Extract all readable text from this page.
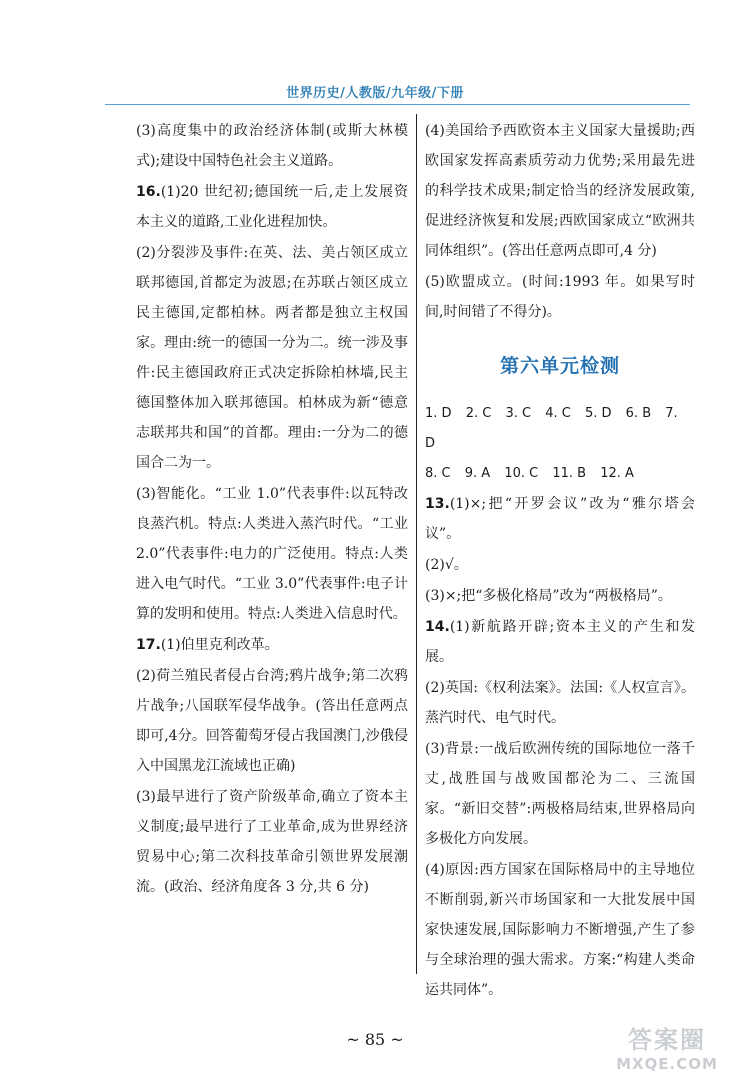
世界历史/人教版/九年级/下册

(3)高度集中的政治经济体制(或斯大林模式);建设中国特色社会主义道路。

16.(1)20 世纪初;德国统一后,走上发展资本主义的道路,工业化进程加快。

(2)分裂涉及事件:在英、法、美占领区成立联邦德国,首都定为波恩;在苏联占领区成立民主德国,定都柏林。两者都是独立主权国家。理由:统一的德国一分为二。统一涉及事件:民主德国政府正式决定拆除柏林墙,民主德国整体加入联邦德国。柏林成为新“德意志联邦共和国”的首都。理由:一分为二的德国合二为一。

(3)智能化。“工业 1.0”代表事件:以瓦特改良蒸汽机。特点:人类进入蒸汽时代。“工业 2.0”代表事件:电力的广泛使用。特点:人类进入电气时代。“工业 3.0”代表事件:电子计算的发明和使用。特点:人类进入信息时代。

17.(1)伯里克利改革。

(2)荷兰殖民者侵占台湾;鸦片战争;第二次鸦片战争;八国联军侵华战争。(答出任意两点即可,4分。回答葡萄牙侵占我国澳门,沙俄侵入中国黑龙江流域也正确)

(3)最早进行了资产阶级革命,确立了资本主义制度;最早进行了工业革命,成为世界经济贸易中心;第二次科技革命引领世界发展潮流。(政治、经济角度各 3 分,共 6 分)

(4)美国给予西欧资本主义国家大量援助;西欧国家发挥高素质劳动力优势;采用最先进的科学技术成果;制定恰当的经济发展政策,促进经济恢复和发展;西欧国家成立“欧洲共同体组织”。(答出任意两点即可,4 分)

(5)欧盟成立。(时间:1993 年。如果写时间,时间错了不得分)。

第六单元检测
1. D 2. C 3. C 4. C 5. D 6. B 7. D
8. C 9. A 10. C 11. B 12. A

13.(1)×;把“开罗会议”改为“雅尔塔会议”。

(2)√。

(3)×;把“多极化格局”改为“两极格局”。

14.(1)新航路开辟;资本主义的产生和发展。

(2)英国:《权利法案》。法国:《人权宣言》。蒸汽时代、电气时代。

(3)背景:一战后欧洲传统的国际地位一落千丈,战胜国与战败国都沦为二、三流国家。“新旧交替”:两极格局结束,世界格局向多极化方向发展。

(4)原因:西方国家在国际格局中的主导地位不断削弱,新兴市场国家和一大批发展中国家快速发展,国际影响力不断增强,产生了参与全球治理的强大需求。方案:“构建人类命运共同体”。

~ 85 ~	答案圈
MXQE.COM
